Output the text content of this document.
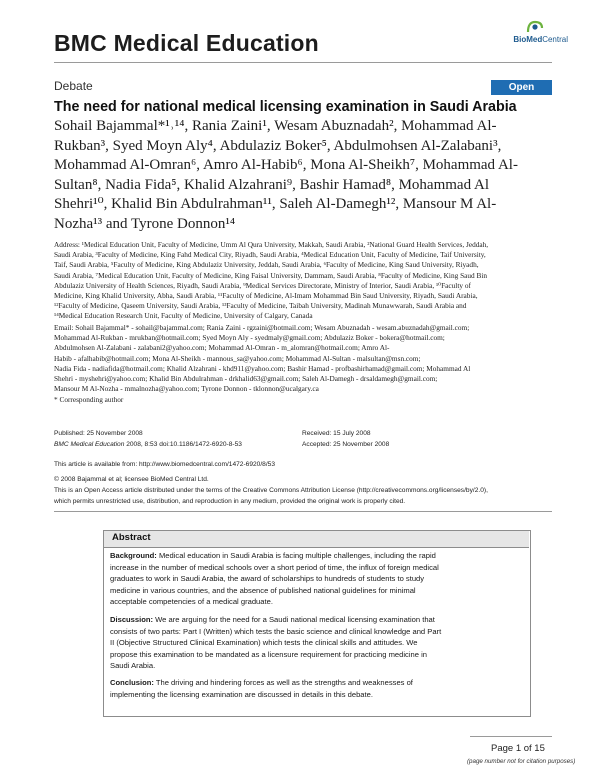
BMC Medical Education	BioMedCentral
Debate	Open Access
The need for national medical licensing examination in Saudi Arabia
Sohail Bajammal*¹˒¹⁴, Rania Zaini¹, Wesam Abuznadah², Mohammad Al-
Rukban³, Syed Moyn Aly⁴, Abdulaziz Boker⁵, Abdulmohsen Al-Zalabani³,
Mohammad Al-Omran⁶, Amro Al-Habib⁶, Mona Al-Sheikh⁷, Mohammad Al-
Sultan⁸, Nadia Fida⁵, Khalid Alzahrani⁹, Bashir Hamad⁸, Mohammad Al
Shehri¹⁰, Khalid Bin Abdulrahman¹¹, Saleh Al-Damegh¹², Mansour M Al-
Nozha¹³ and Tyrone Donnon¹⁴
Address: ¹Medical Education Unit, Faculty of Medicine, Umm Al Qura University, Makkah, Saudi Arabia, ²National Guard Health Services, Jeddah,
Saudi Arabia, ³Faculty of Medicine, King Fahd Medical City, Riyadh, Saudi Arabia, ⁴Medical Education Unit, Faculty of Medicine, Taif University,
Taif, Saudi Arabia, ⁵Faculty of Medicine, King Abdulaziz University, Jeddah, Saudi Arabia, ⁶Faculty of Medicine, King Saud University, Riyadh,
Saudi Arabia, ⁷Medical Education Unit, Faculty of Medicine, King Faisal University, Dammam, Saudi Arabia, ⁸Faculty of Medicine, King Saud Bin
Abdulaziz University of Health Sciences, Riyadh, Saudi Arabia, ⁹Medical Services Directorate, Ministry of Interior, Saudi Arabia, ¹⁰Faculty of
Medicine, King Khalid University, Abha, Saudi Arabia, ¹¹Faculty of Medicine, Al-Imam Mohammad Bin Saud University, Riyadh, Saudi Arabia,
¹²Faculty of Medicine, Qaseem University, Saudi Arabia, ¹³Faculty of Medicine, Taibah University, Madinah Munawwarah, Saudi Arabia and
¹⁴Medical Education Research Unit, Faculty of Medicine, University of Calgary, Canada
Email: Sohail Bajammal* - sohail@bajammal.com; Rania Zaini - rgzaini@hotmail.com; Wesam Abuznadah - wesam.abuznadah@gmail.com;
Mohammad Al-Rukban - mrukban@hotmail.com; Syed Moyn Aly - syedmaly@gmail.com; Abdulaziz Boker - bokera@hotmail.com;
Abdulmohsen Al-Zalabani - zalabani2@yahoo.com; Mohammad Al-Omran - m_alomran@hotmail.com; Amro Al-
Habib - afalhabib@hotmail.com; Mona Al-Sheikh - mannous_sa@yahoo.com; Mohammad Al-Sultan - malsultan@msn.com;
Nadia Fida - nadiafida@hotmail.com; Khalid Alzahrani - khd911@yahoo.com; Bashir Hamad - profbashirhamad@gmail.com; Mohammad Al
Shehri - myshehri@yahoo.com; Khalid Bin Abdulrahman - drkhalid63@gmail.com; Saleh Al-Damegh - drsaldamegh@gmail.com;
Mansour M Al-Nozha - mmalnozha@yahoo.com; Tyrone Donnon - tklonnon@ucalgary.ca
* Corresponding author
Published: 25 November 2008
BMC Medical Education 2008, 8:53 doi:10.1186/1472-6920-8-53
Received: 15 July 2008
Accepted: 25 November 2008
This article is available from: http://www.biomedcentral.com/1472-6920/8/53
© 2008 Bajammal et al; licensee BioMed Central Ltd.
This is an Open Access article distributed under the terms of the Creative Commons Attribution License (http://creativecommons.org/licenses/by/2.0),
which permits unrestricted use, distribution, and reproduction in any medium, provided the original work is properly cited.
Abstract
Background: Medical education in Saudi Arabia is facing multiple challenges, including the rapid
increase in the number of medical schools over a short period of time, the influx of foreign medical
graduates to work in Saudi Arabia, the award of scholarships to hundreds of students to study
medicine in various countries, and the absence of published national guidelines for minimal
acceptable competencies of a medical graduate.
Discussion: We are arguing for the need for a Saudi national medical licensing examination that
consists of two parts: Part I (Written) which tests the basic science and clinical knowledge and Part
II (Objective Structured Clinical Examination) which tests the clinical skills and attitudes. We
propose this examination to be mandated as a licensure requirement for practicing medicine in
Saudi Arabia.
Conclusion: The driving and hindering forces as well as the strengths and weaknesses of
implementing the licensing examination are discussed in details in this debate.
Page 1 of 15
(page number not for citation purposes)
